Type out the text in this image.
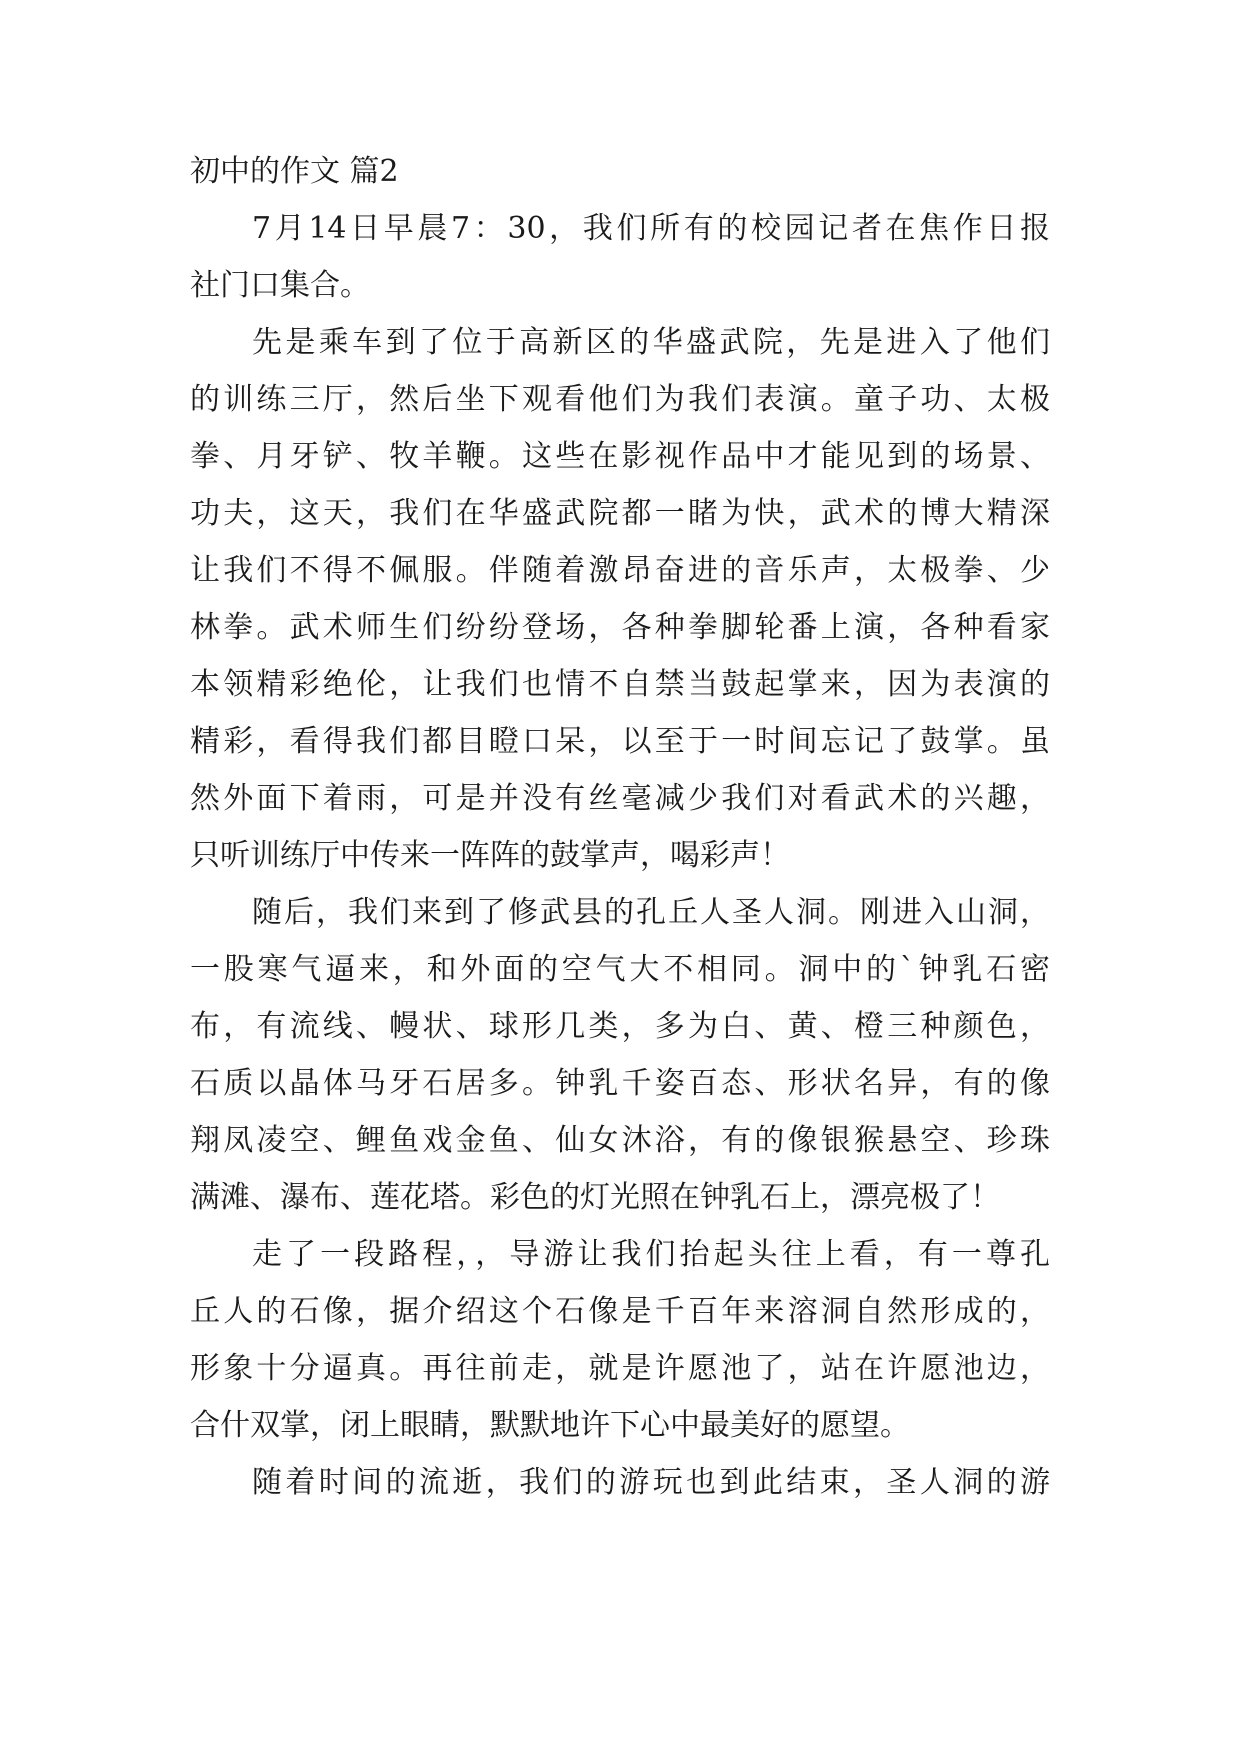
初中的作文 篇2
7月14日早晨7：30，我们所有的校园记者在焦作日报
社门口集合。
先是乘车到了位于高新区的华盛武院，先是进入了他们
的训练三厅，然后坐下观看他们为我们表演。童子功、太极
拳、月牙铲、牧羊鞭。这些在影视作品中才能见到的场景、
功夫，这天，我们在华盛武院都一睹为快，武术的博大精深
让我们不得不佩服。伴随着激昂奋进的音乐声，太极拳、少
林拳。武术师生们纷纷登场，各种拳脚轮番上演，各种看家
本领精彩绝伦，让我们也情不自禁当鼓起掌来，因为表演的
精彩，看得我们都目瞪口呆，以至于一时间忘记了鼓掌。虽
然外面下着雨，可是并没有丝毫减少我们对看武术的兴趣，
只听训练厅中传来一阵阵的鼓掌声，喝彩声！
随后，我们来到了修武县的孔丘人圣人洞。刚进入山洞，
一股寒气逼来，和外面的空气大不相同。洞中的`钟乳石密
布，有流线、幔状、球形几类，多为白、黄、橙三种颜色，
石质以晶体马牙石居多。钟乳千姿百态、形状名异，有的像
翔凤凌空、鲤鱼戏金鱼、仙女沐浴，有的像银猴悬空、珍珠
满滩、瀑布、莲花塔。彩色的灯光照在钟乳石上，漂亮极了！
走了一段路程，，导游让我们抬起头往上看，有一尊孔
丘人的石像，据介绍这个石像是千百年来溶洞自然形成的，
形象十分逼真。再往前走，就是许愿池了，站在许愿池边，
合什双掌，闭上眼睛，默默地许下心中最美好的愿望。
随着时间的流逝，我们的游玩也到此结束，圣人洞的游
